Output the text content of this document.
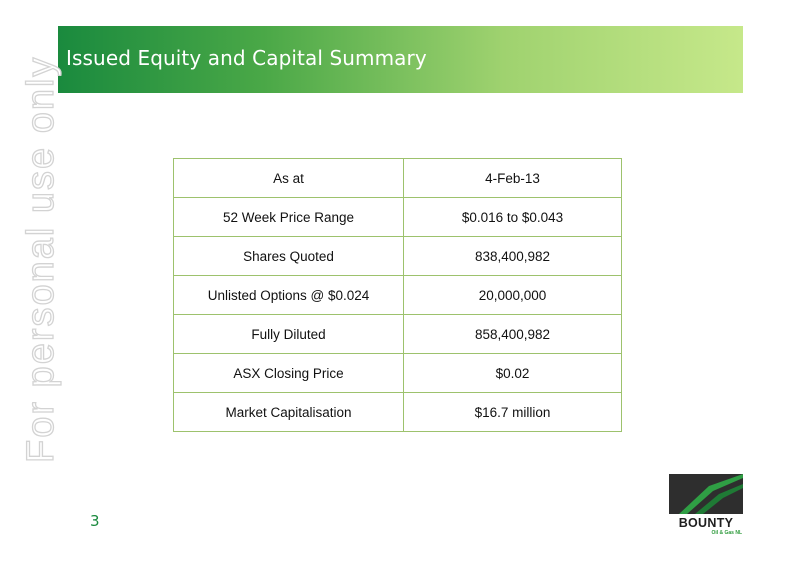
Issued Equity and Capital Summary
For personal use only	As at	4-Feb-13
52 Week Price Range	$0.016 to $0.043
Shares Quoted	838,400,982
Unlisted Options @ $0.024	20,000,000
Fully Diluted	858,400,982
ASX Closing Price	$0.02
Market Capitalisation	$16.7 million
3	BOUNTY
Oil & Gas NL
